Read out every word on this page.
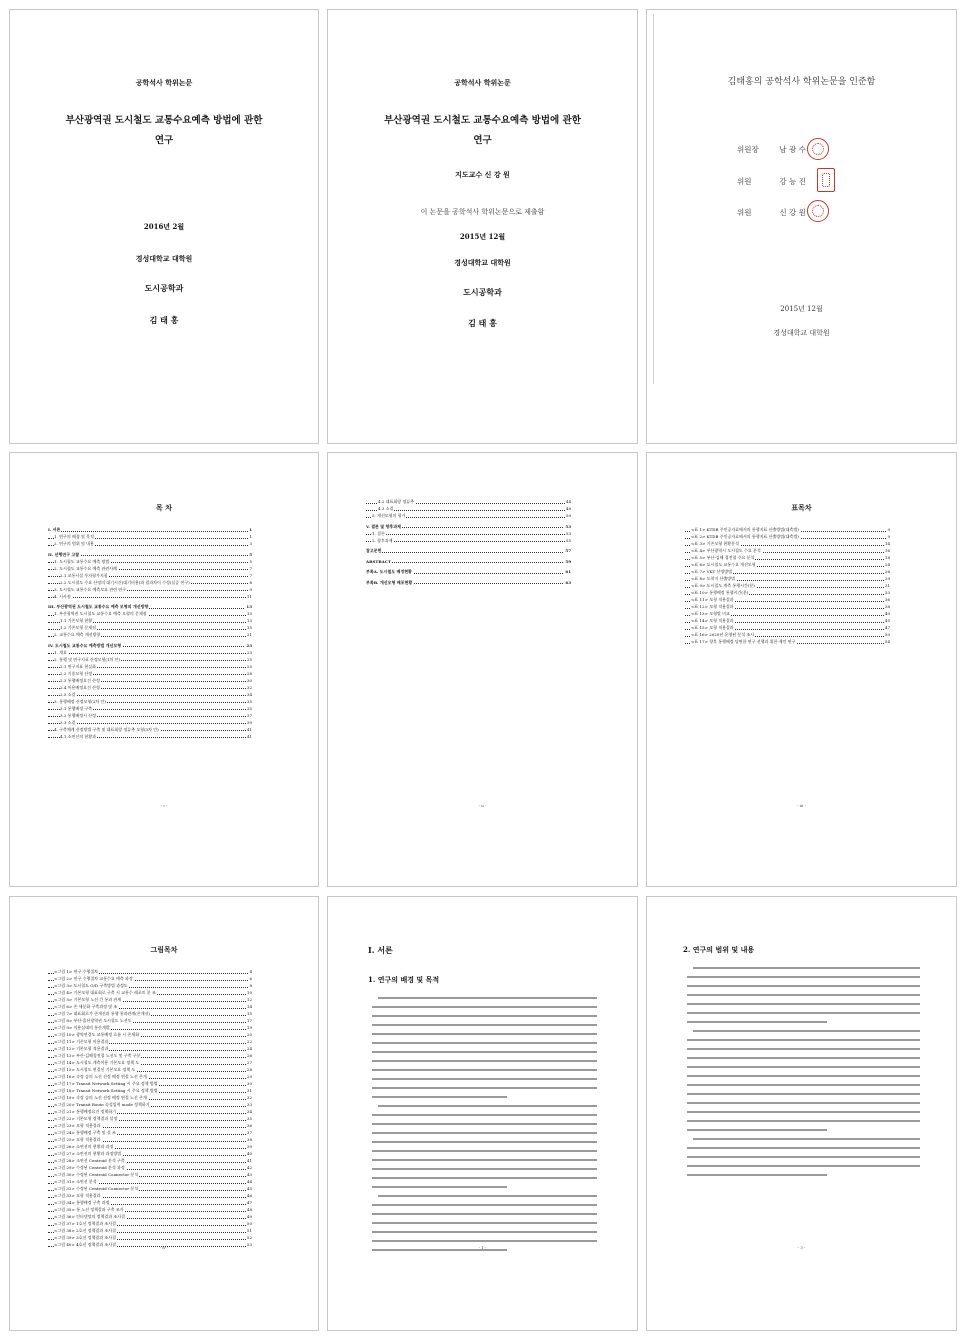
공학석사 학위논문
부산광역권 도시철도 교통수요예측 방법에 관한
연구
2016년 2월
경성대학교 대학원
도시공학과
김 태 홍
공학석사 학위논문
부산광역권 도시철도 교통수요예측 방법에 관한
연구
지도교수 신 강 원
이 논문을 공학석사 학위논문으로 제출함
2015년 12월
경성대학교 대학원
도시공학과
김 태 홍
김태홍의 공학석사 학위논문을 인준함
위원장	남 광 수
위원	강 능 진
위원	신 강 원
2015년 12월
경성대학교 대학원
목 차
I. 서론	1
1. 연구의 배경 및 목적	1
2. 연구의 범위 및 내용	3
II. 선행연구 고찰	5
1. 도시철도 교통수요 예측 방법	5
2. 도시철도 교통수요 예측 관련사례	7
2.1 교통시설 투자평가지침	7
2.2 도시철도 수요 산정의 대기시간(대기비용)과 결과차이 수정(실증 연구)	8
3. 도시철도 교통수요 예측모요 관련 연구	9
4. 시사점	11
III. 부산광역권 도시철도 교통수요 예측 모형의 개선방향	13
1. 부산광역권 도시철도 교통수요 예측 모형의 문제점	13
1.1 기존모형 현황	13
1.2 기존모형 문제점	15
2. 교통수요 예측 개선방향	21
IV. 도시철도 교통수요 예측방법 개선모형	23
1. 개요	23
2. 통행 및 연구지표 산정모형(1차 안)	25
2.1 연구지표 현실화	25
2.2 기종모형 산정	28
2.3 통행배정요건 산정	30
2.4 이용배정요건 산정	32
2.5 소결	34
3. 통행배정 산정모형(2차 안)	35
3.1 통행배정 구축	35
3.2 통행배정시 산정	37
3.3 소결	39
4. 구축체계 산정방법 구축 및 대표회랑 정류추 모형(3차 안)	41
4.1 소연선의 현황과	41
- i -
4.2 대표회랑 정류추	44
4.3 소결	48
5. 개선모형의 평가	50
V. 결론 및 향후과제	53
1. 결론	53
2. 향후과제	55
참고문헌	57
ABSTRACT	59
부록A. 도시철도 배정현황	61
부록B. 개선모형 배포현황	63
- ii -
표목차
<표 1> KTDB 주인공자료에서의 통행지표 산출방법(대측법)	9
<표 2> KTDB 주인공자료에서의 통행지표 산출방법(대측법)	9
<표 3> 기존모형 현황분석	14
<표 4> 부산광역시 도시철도 수요 분석	16
<표 5> 부산-김해 경전철 수요 분석	18
<표 6> 도시철도 교통수요 개선모형	24
<표 7> VKT 산정방법	26
<표 8> 도착지 산출방법	29
<표 9> 도시철도 계측 통행시간(분)	31
<표 10> 통행배정 통행시간(분)	33
<표 11> 모형 적용결과	36
<표 12> 모형 적용결과	38
<표 13> 모형별 비교	40
<표 14> 모형 적용결과	45
<표 15> 모형 적용결과	47
<표 16> 2020년 운영된 분석 조사	50
<표 17> 향후 통행배정 당면한 연구 선행과 위한 제언 연구	54
- iii -
그림목차
<그림 1> 연구 수행절차	4
<그림 2> 연구 수행절차 교통수요 예측 과정	6
<그림 3> 도시철도 O/D 구축방법 과정도	8
<그림 4> 기본모형 대표회로 구축 시 교통수 레포트 분 조	10
<그림 5> 기본모형 노선 간 통과 관계	12
<그림 6> 존 세분화 구축과정 및 조	14
<그림 7> 대표회로가 존개선과 통행 통과관계(존개선)	15
<그림 8> 부산-울산광역권 도시철도 노선도	17
<그림 9> 이용실태의 통산개발	19
<그림 10> 광역연결도 교통배정 흐름 시 존세화	20
<그림 11> 기존모형 이용결과	22
<그림 12> 기본모형 적용결과	24
<그림 13> 부산-김해경전철 노선도 및 구축 구분	26
<그림 14> 도시철도 계측이용 기본모요 정책 도	27
<그림 15> 도시철도 연결선 기본모요 정책 도	28
<그림 16> 속정 숨의 노선 선정 배정 연결 노선 존개	29
<그림 17> Transit Network Setting 시 주요 정책 방법	30
<그림 18> Transit Network Setting 시 주요 정책 방법	31
<그림 19> 속정 숨의 노선 선정 배정 연결 노선 존개	32
<그림 20> Transit Route 속성입력 mode 정책하기	33
<그림 21> 통행배정요건 정책하기	34
<그림 22> 기본모형 정책결과 설정	35
<그림 23> 모형 적용결과	36
<그림 24> 통행배정 구축 및 설 조	37
<그림 25> 모형 적용결과	38
<그림 26> 소연선의 현황과 과정	39
<그림 27> 소연선의 현황과 과정방법	40
<그림 28> 소연선 Centroid 분석 구축	41
<그림 29> 수정된 Centroid 분석 과정	42
<그림 30> 수정된 Centroid Connector 분석	43
<그림 31> 소연선 분석	44
<그림 32> 수정된 Centroid Connector 분석	45
<그림 33> 모형 적용결과	46
<그림 34> 통행배정 구축 과정	47
<그림 35> 통 노선 정책결과 구축 조사	48
<그림 36> 인터넷망의 정책결과 조사결	49
<그림 37> 1호선 정책결과 조사결	50
<그림 38> 2호선 정책결과 조사결	51
<그림 39> 3호선 정책결과 조사결	52
<그림 40> 4호선 정책결과 조사결	53
- iv -
I. 서론
1. 연구의 배경 및 목적
- 1 -
2. 연구의 범위 및 내용
- 3 -
